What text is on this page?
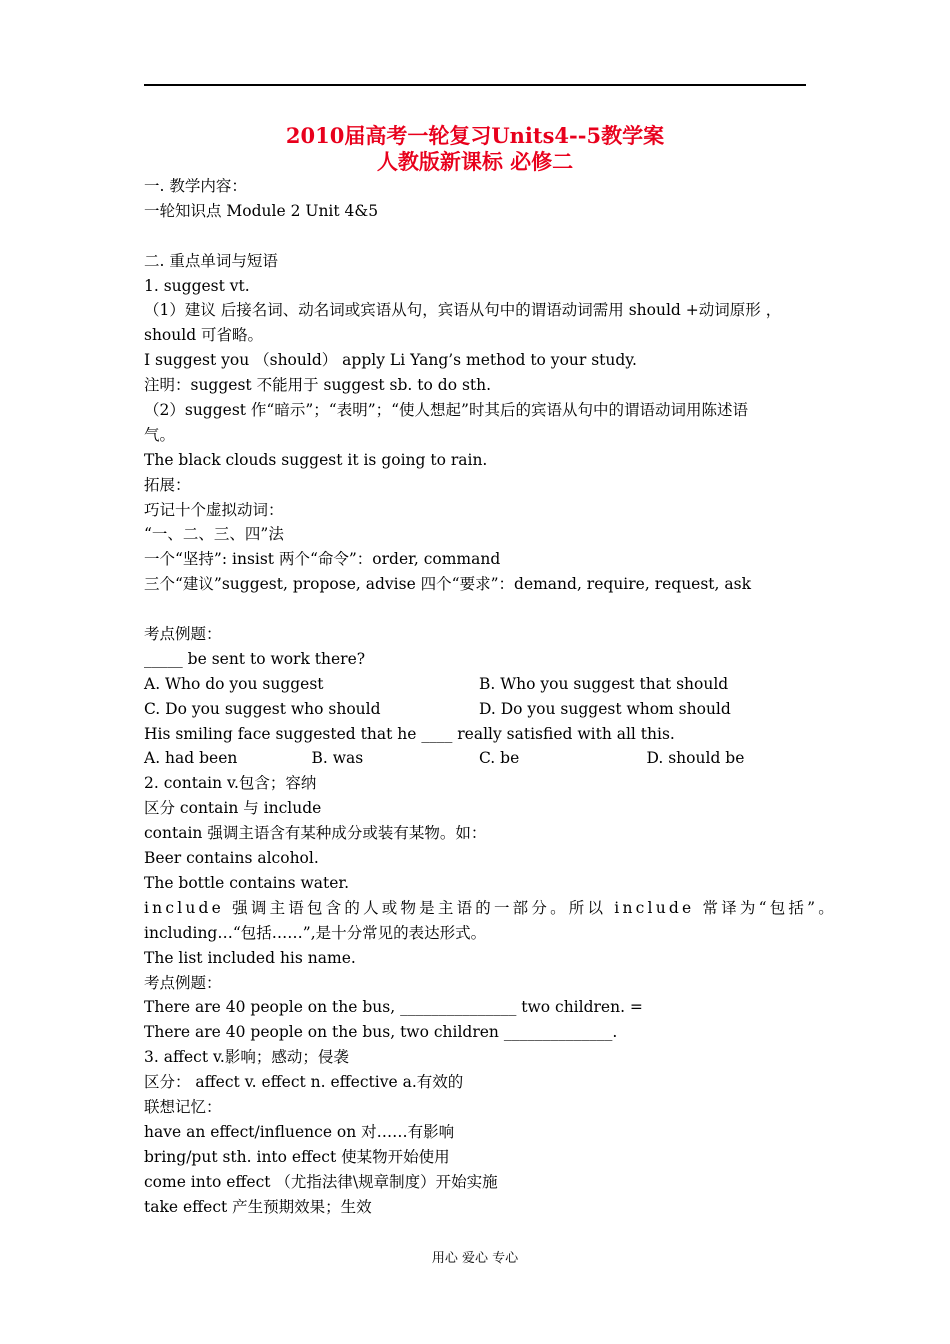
2010届高考一轮复习Units4--5教学案
人教版新课标 必修二
一. 教学内容：
一轮知识点 Module 2 Unit 4&5
二. 重点单词与短语
1. suggest vt.
（1）建议 后接名词、动名词或宾语从句，宾语从句中的谓语动词需用 should +动词原形 ，
should 可省略。
I suggest you （should） apply Li Yang’s method to your study.
注明：suggest 不能用于 suggest sb. to do sth.
（2）suggest 作“暗示”；“表明”；“使人想起”时其后的宾语从句中的谓语动词用陈述语
气。
The black clouds suggest it is going to rain.
拓展：
巧记十个虚拟动词：
“一、二、三、四”法
一个“坚持”: insist 两个“命令”：order, command
三个“建议”suggest, propose, advise 四个“要求”：demand, require, request, ask
考点例题：
_____ be sent to work there?
A. Who do you suggest	B. Who you suggest that should
C. Do you suggest who should	D. Do you suggest whom should
His smiling face suggested that he ____ really satisfied with all this.
A. had been	B. was	C. be	D. should be
2. contain v.包含；容纳
区分 contain 与 include
contain 强调主语含有某种成分或装有某物。如：
Beer contains alcohol.
The bottle contains water.
include 强调主语包含的人或物是主语的一部分。所以 include 常译为“包括”。
including…“包括……”,是十分常见的表达形式。
The list included his name.
考点例题：
There are 40 people on the bus, _______________ two children. =
There are 40 people on the bus, two children ______________.
3. affect v.影响；感动；侵袭
区分： affect v. effect n. effective a.有效的
联想记忆：
have an effect/influence on 对……有影响
bring/put sth. into effect 使某物开始使用
come into effect （尤指法律\规章制度）开始实施
take effect 产生预期效果；生效
用心 爱心 专心
